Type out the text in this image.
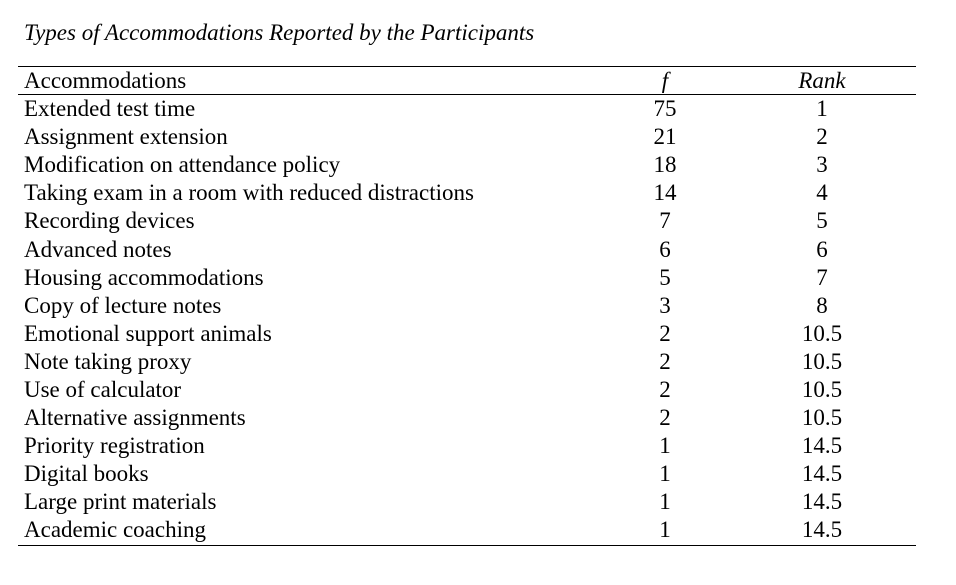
Types of Accommodations Reported by the Participants
Accommodations	f	Rank
Extended test time	75	1
Assignment extension	21	2
Modification on attendance policy	18	3
Taking exam in a room with reduced distractions	14	4
Recording devices	7	5
Advanced notes	6	6
Housing accommodations	5	7
Copy of lecture notes	3	8
Emotional support animals	2	10.5
Note taking proxy	2	10.5
Use of calculator	2	10.5
Alternative assignments	2	10.5
Priority registration	1	14.5
Digital books	1	14.5
Large print materials	1	14.5
Academic coaching	1	14.5
